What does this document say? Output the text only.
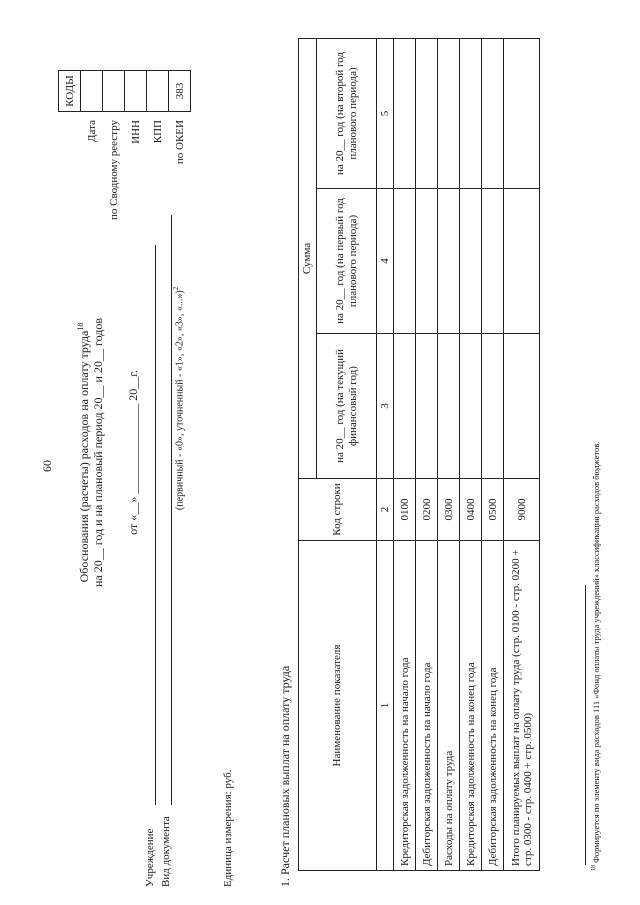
60 Обоснования (расчеты) расходов на оплату труда$^{18}$ на 20__ год и на плановый период 20__ и 20__ годов от «__» _______________ 20__г.
	КОДЫ
Дата	
по Сводному реестру	
ИНН	
КПП	
по ОКЕИ	383
Учреждение Вид документа
(первичный - «0», уточненный - «1», «2», «3», «...»)$^2$
Единица измерения: руб.	1. Расчет плановых выплат на оплату труда	Наименование показателя	Код строки	Сумма		
		на 20__ год (на текущий финансовый год)	на 20__ год (на первый год планового периода)	на 20__ год (на второй год планового периода)
1	2	3	4	5
Кредиторская задолженность на начало года	0100			
Дебиторская задолженность на начало года	0200			
Расходы на оплату труда	0300			
Кредиторская задолженность на конец года	0400			
Дебиторская задолженность на конец года	0500			
Итого планируемых выплат на оплату труда (стр. 0100 - стр. 0200 + стр. 0300 - стр. 0400 + стр. 0500)	9000			
$^{18}$ Формируется по элементу вида расходов 111 «Фонд оплаты труда учреждений» классификации расходов бюджетов.
